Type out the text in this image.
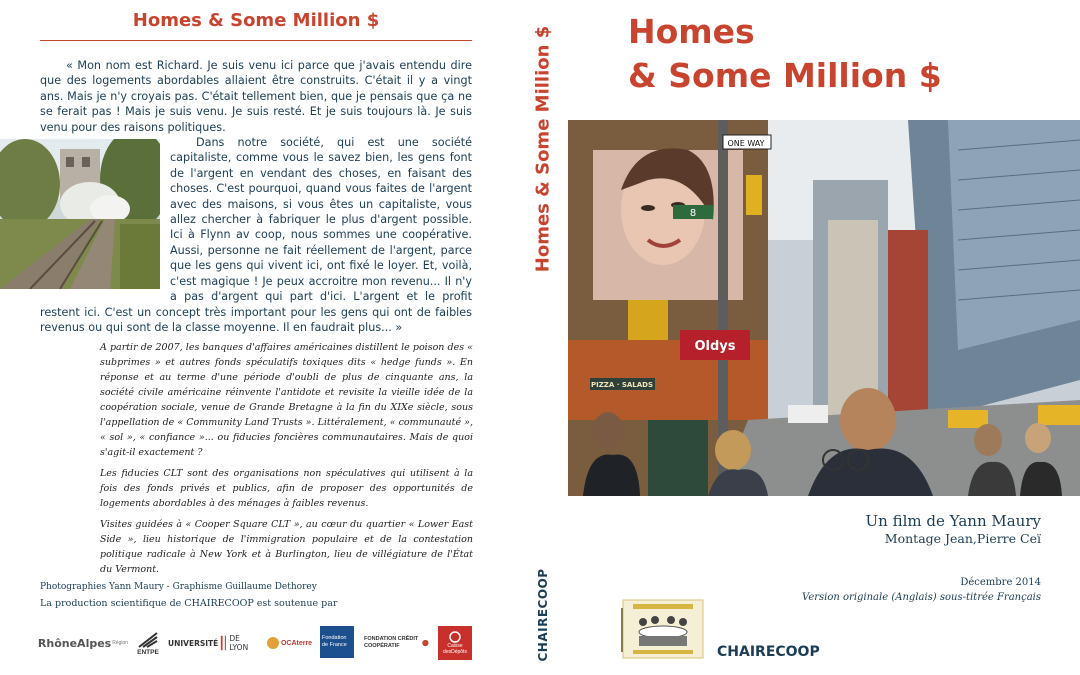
Homes & Some Million $

« Mon nom est Richard. Je suis venu ici parce que j'avais entendu dire que des logements abordables allaient être construits. C'était il y a vingt ans. Mais je n'y croyais pas. C'était tellement bien, que je pensais que ça ne se ferait pas ! Mais je suis venu. Je suis resté. Et je suis toujours là. Je suis venu pour des raisons politiques.

Dans notre société, qui est une société capitaliste, comme vous le savez bien, les gens font de l'argent en vendant des choses, en faisant des choses. C'est pourquoi, quand vous faites de l'argent avec des maisons, si vous êtes un capitaliste, vous allez chercher à fabriquer le plus d'argent possible. Ici à Flynn av coop, nous sommes une coopérative. Aussi, personne ne fait réellement de l'argent, parce que les gens qui vivent ici, ont fixé le loyer. Et, voilà, c'est magique ! Je peux accroitre mon revenu... Il n'y a pas d'argent qui part d'ici. L'argent et le profit restent ici. C'est un concept très important pour les gens qui ont de faibles revenus ou qui sont de la classe moyenne. Il en faudrait plus... »

A partir de 2007, les banques d'affaires américaines distillent le poison des « subprimes » et autres fonds spéculatifs toxiques dits « hedge funds ». En réponse et au terme d'une période d'oubli de plus de cinquante ans, la société civile américaine réinvente l'antidote et revisite la vieille idée de la coopération sociale, venue de Grande Bretagne à la fin du XIXe siècle, sous l'appellation de « Community Land Trusts ». Littéralement, « communauté », « sol », « confiance »... ou fiducies foncières communautaires. Mais de quoi s'agit-il exactement ?

Les fiducies CLT sont des organisations non spéculatives qui utilisent à la fois des fonds privés et publics, afin de proposer des opportunités de logements abordables à des ménages à faibles revenus.

Visites guidées à « Cooper Square CLT », au cœur du quartier « Lower East Side », lieu historique de l'immigration populaire et de la contestation politique radicale à New York et à Burlington, lieu de villégiature de l'État du Vermont.

Photographies Yann Maury - Graphisme Guillaume Dethorey
La production scientifique de CHAIRECOOP est soutenue par
RhôneAlpes Région
ENTPE
UNIVERSITÉ DE LYON	OCAterre
Fondation de France
FONDATION CRÉDIT COOPÉRATIF	Caisse
desDépôts
Homes & Some Million $
CHAIRECOOP
Homes
& Some Million $
ONE WAY
8
Oldys
PIZZA · SALADS
Un film de Yann Maury
Montage Jean,Pierre Ceï
Décembre 2014
Version originale (Anglais) sous-titrée Français
CHAIRECOOP
